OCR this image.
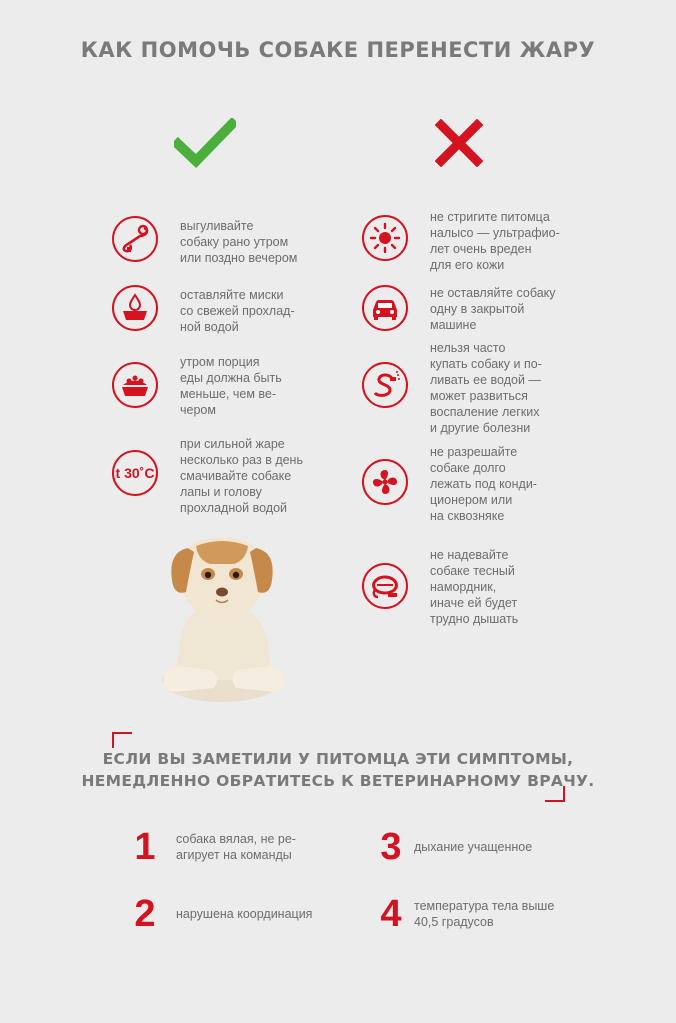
КАК ПОМОЧЬ СОБАКЕ ПЕРЕНЕСТИ ЖАРУ
выгуливайте
собаку рано утром
или поздно вечером
оставляйте миски
со свежей прохлад-
ной водой
утром порция
еды должна быть
меньше, чем ве-
чером
t 30˚C
при сильной жаре
несколько раз в день
смачивайте собаке
лапы и голову
прохладной водой
не стригите питомца
налысо — ультрафио-
лет очень вреден
для его кожи
не оставляйте собаку
одну в закрытой
машине
нельзя часто
купать собаку и по-
ливать ее водой —
может развиться
воспаление легких
и другие болезни
не разрешайте
собаке долго
лежать под конди-
ционером или
на сквозняке
не надевайте
собаке тесный
намордник,
иначе ей будет
трудно дышать
ЕСЛИ ВЫ ЗАМЕТИЛИ У ПИТОМЦА ЭТИ СИМПТОМЫ,
НЕМЕДЛЕННО ОБРАТИТЕСЬ К ВЕТЕРИНАРНОМУ ВРАЧУ.
1	собака вялая, не ре-
агирует на команды
2	нарушена координация
3 дыхание учащенное
4 температура тела выше
40,5 градусов
